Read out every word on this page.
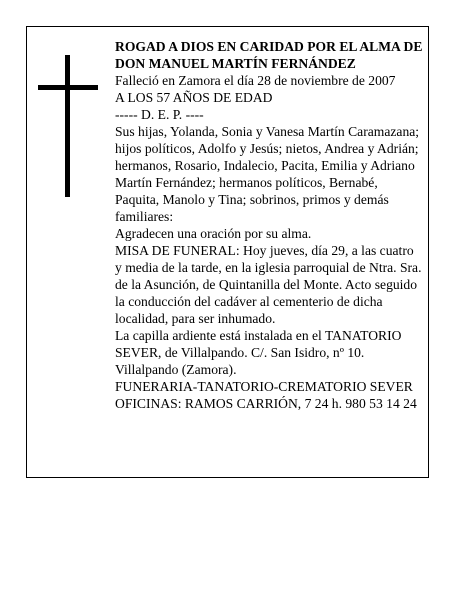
ROGAD A DIOS EN CARIDAD POR EL ALMA DE

DON MANUEL MARTÍN FERNÁNDEZ

Falleció en Zamora el día 28 de noviembre de 2007

A LOS 57 AÑOS DE EDAD

----- D. E. P. ----

Sus hijas, Yolanda, Sonia y Vanesa Martín Caramazana; hijos políticos, Adolfo y Jesús; nietos, Andrea y Adrián; hermanos, Rosario, Indalecio, Pacita, Emilia y Adriano Martín Fernández; hermanos políticos, Bernabé, Paquita, Manolo y Tina; sobrinos, primos y demás familiares:

Agradecen una oración por su alma.

MISA DE FUNERAL: Hoy jueves, día 29, a las cuatro y media de la tarde, en la iglesia parroquial de Ntra. Sra. de la Asunción, de Quintanilla del Monte. Acto seguido la conducción del cadáver al cementerio de dicha localidad, para ser inhumado.

La capilla ardiente está instalada en el TANATORIO SEVER, de Villalpando. C/. San Isidro, nº 10. Villalpando (Zamora).

FUNERARIA-TANATORIO-CREMATORIO SEVER

OFICINAS: RAMOS CARRIÓN, 7 24 h. 980 53 14 24
